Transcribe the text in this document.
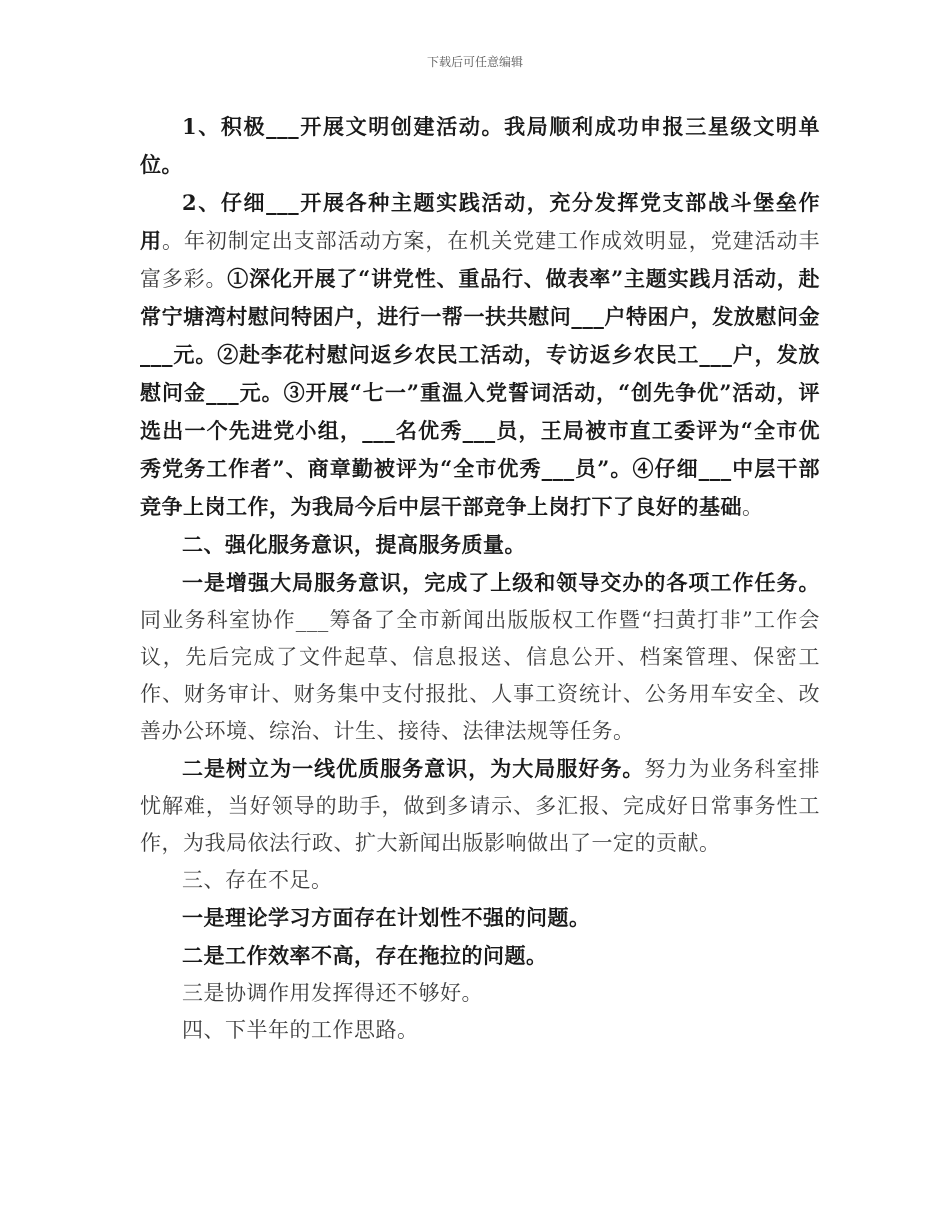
下载后可任意编辑

1、积极___开展文明创建活动。我局顺利成功申报三星级文明单位。

2、仔细___开展各种主题实践活动，充分发挥党支部战斗堡垒作用。年初制定出支部活动方案，在机关党建工作成效明显，党建活动丰富多彩。①深化开展了“讲党性、重品行、做表率”主题实践月活动，赴常宁塘湾村慰问特困户，进行一帮一扶共慰问___户特困户，发放慰问金___元。②赴李花村慰问返乡农民工活动，专访返乡农民工___户，发放慰问金___元。③开展“七一”重温入党誓词活动，“创先争优”活动，评选出一个先进党小组，___名优秀___员，王局被市直工委评为“全市优秀党务工作者”、商章勤被评为“全市优秀___员”。④仔细___中层干部竞争上岗工作，为我局今后中层干部竞争上岗打下了良好的基础。

二、强化服务意识，提高服务质量。

一是增强大局服务意识，完成了上级和领导交办的各项工作任务。同业务科室协作___筹备了全市新闻出版版权工作暨“扫黄打非”工作会议，先后完成了文件起草、信息报送、信息公开、档案管理、保密工作、财务审计、财务集中支付报批、人事工资统计、公务用车安全、改善办公环境、综治、计生、接待、法律法规等任务。

二是树立为一线优质服务意识，为大局服好务。努力为业务科室排忧解难，当好领导的助手，做到多请示、多汇报、完成好日常事务性工作，为我局依法行政、扩大新闻出版影响做出了一定的贡献。

三、存在不足。

一是理论学习方面存在计划性不强的问题。

二是工作效率不高，存在拖拉的问题。

三是协调作用发挥得还不够好。

四、下半年的工作思路。
